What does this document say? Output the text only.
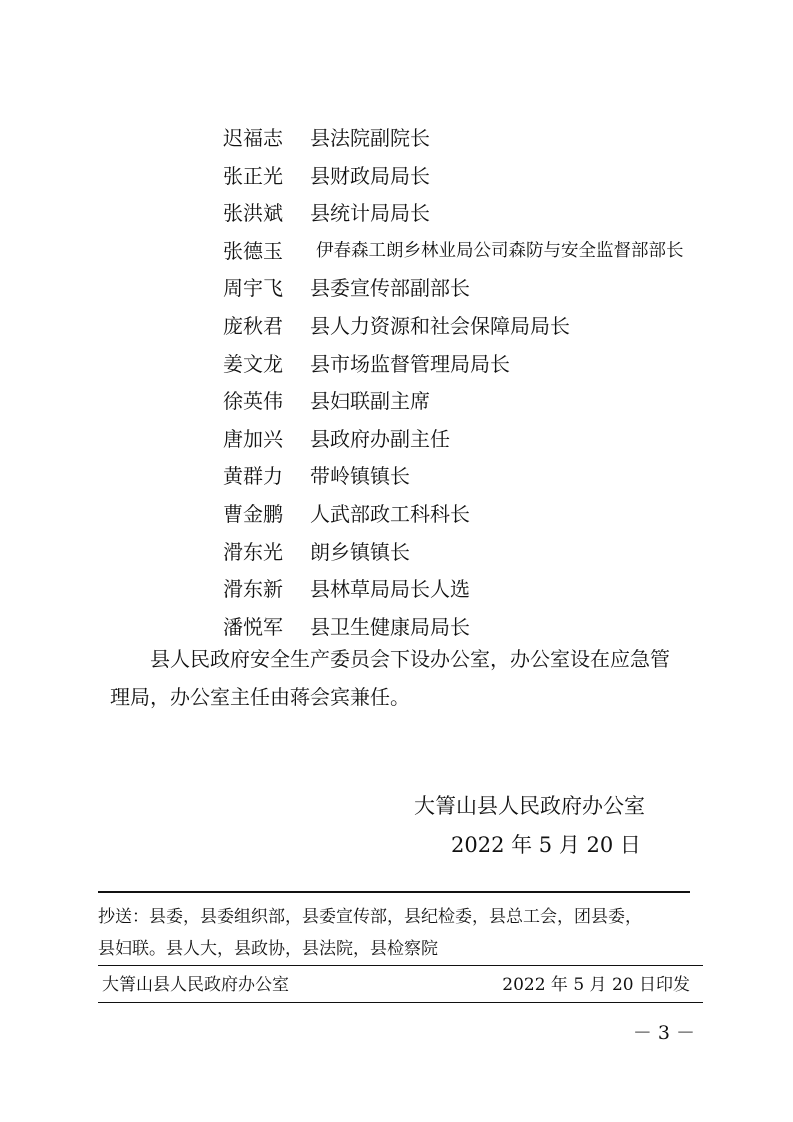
迟福志 县法院副院长
张正光 县财政局局长
张洪斌 县统计局局长
张德玉 伊春森工朗乡林业局公司森防与安全监督部部长
周宇飞 县委宣传部副部长
庞秋君 县人力资源和社会保障局局长
姜文龙 县市场监督管理局局长
徐英伟 县妇联副主席
唐加兴 县政府办副主任
黄群力 带岭镇镇长
曹金鹏 人武部政工科科长
滑东光 朗乡镇镇长
滑东新 县林草局局长人选
潘悦军 县卫生健康局局长
　　县人民政府安全生产委员会下设办公室，办公室设在应急管
理局，办公室主任由蒋会宾兼任。
大箐山县人民政府办公室
2022 年 5 月 20 日
抄送：县委，县委组织部，县委宣传部，县纪检委，县总工会，团县委，
县妇联。县人大，县政协，县法院，县检察院
大箐山县人民政府办公室	2022 年 5 月 20 日印发
－ 3 －
